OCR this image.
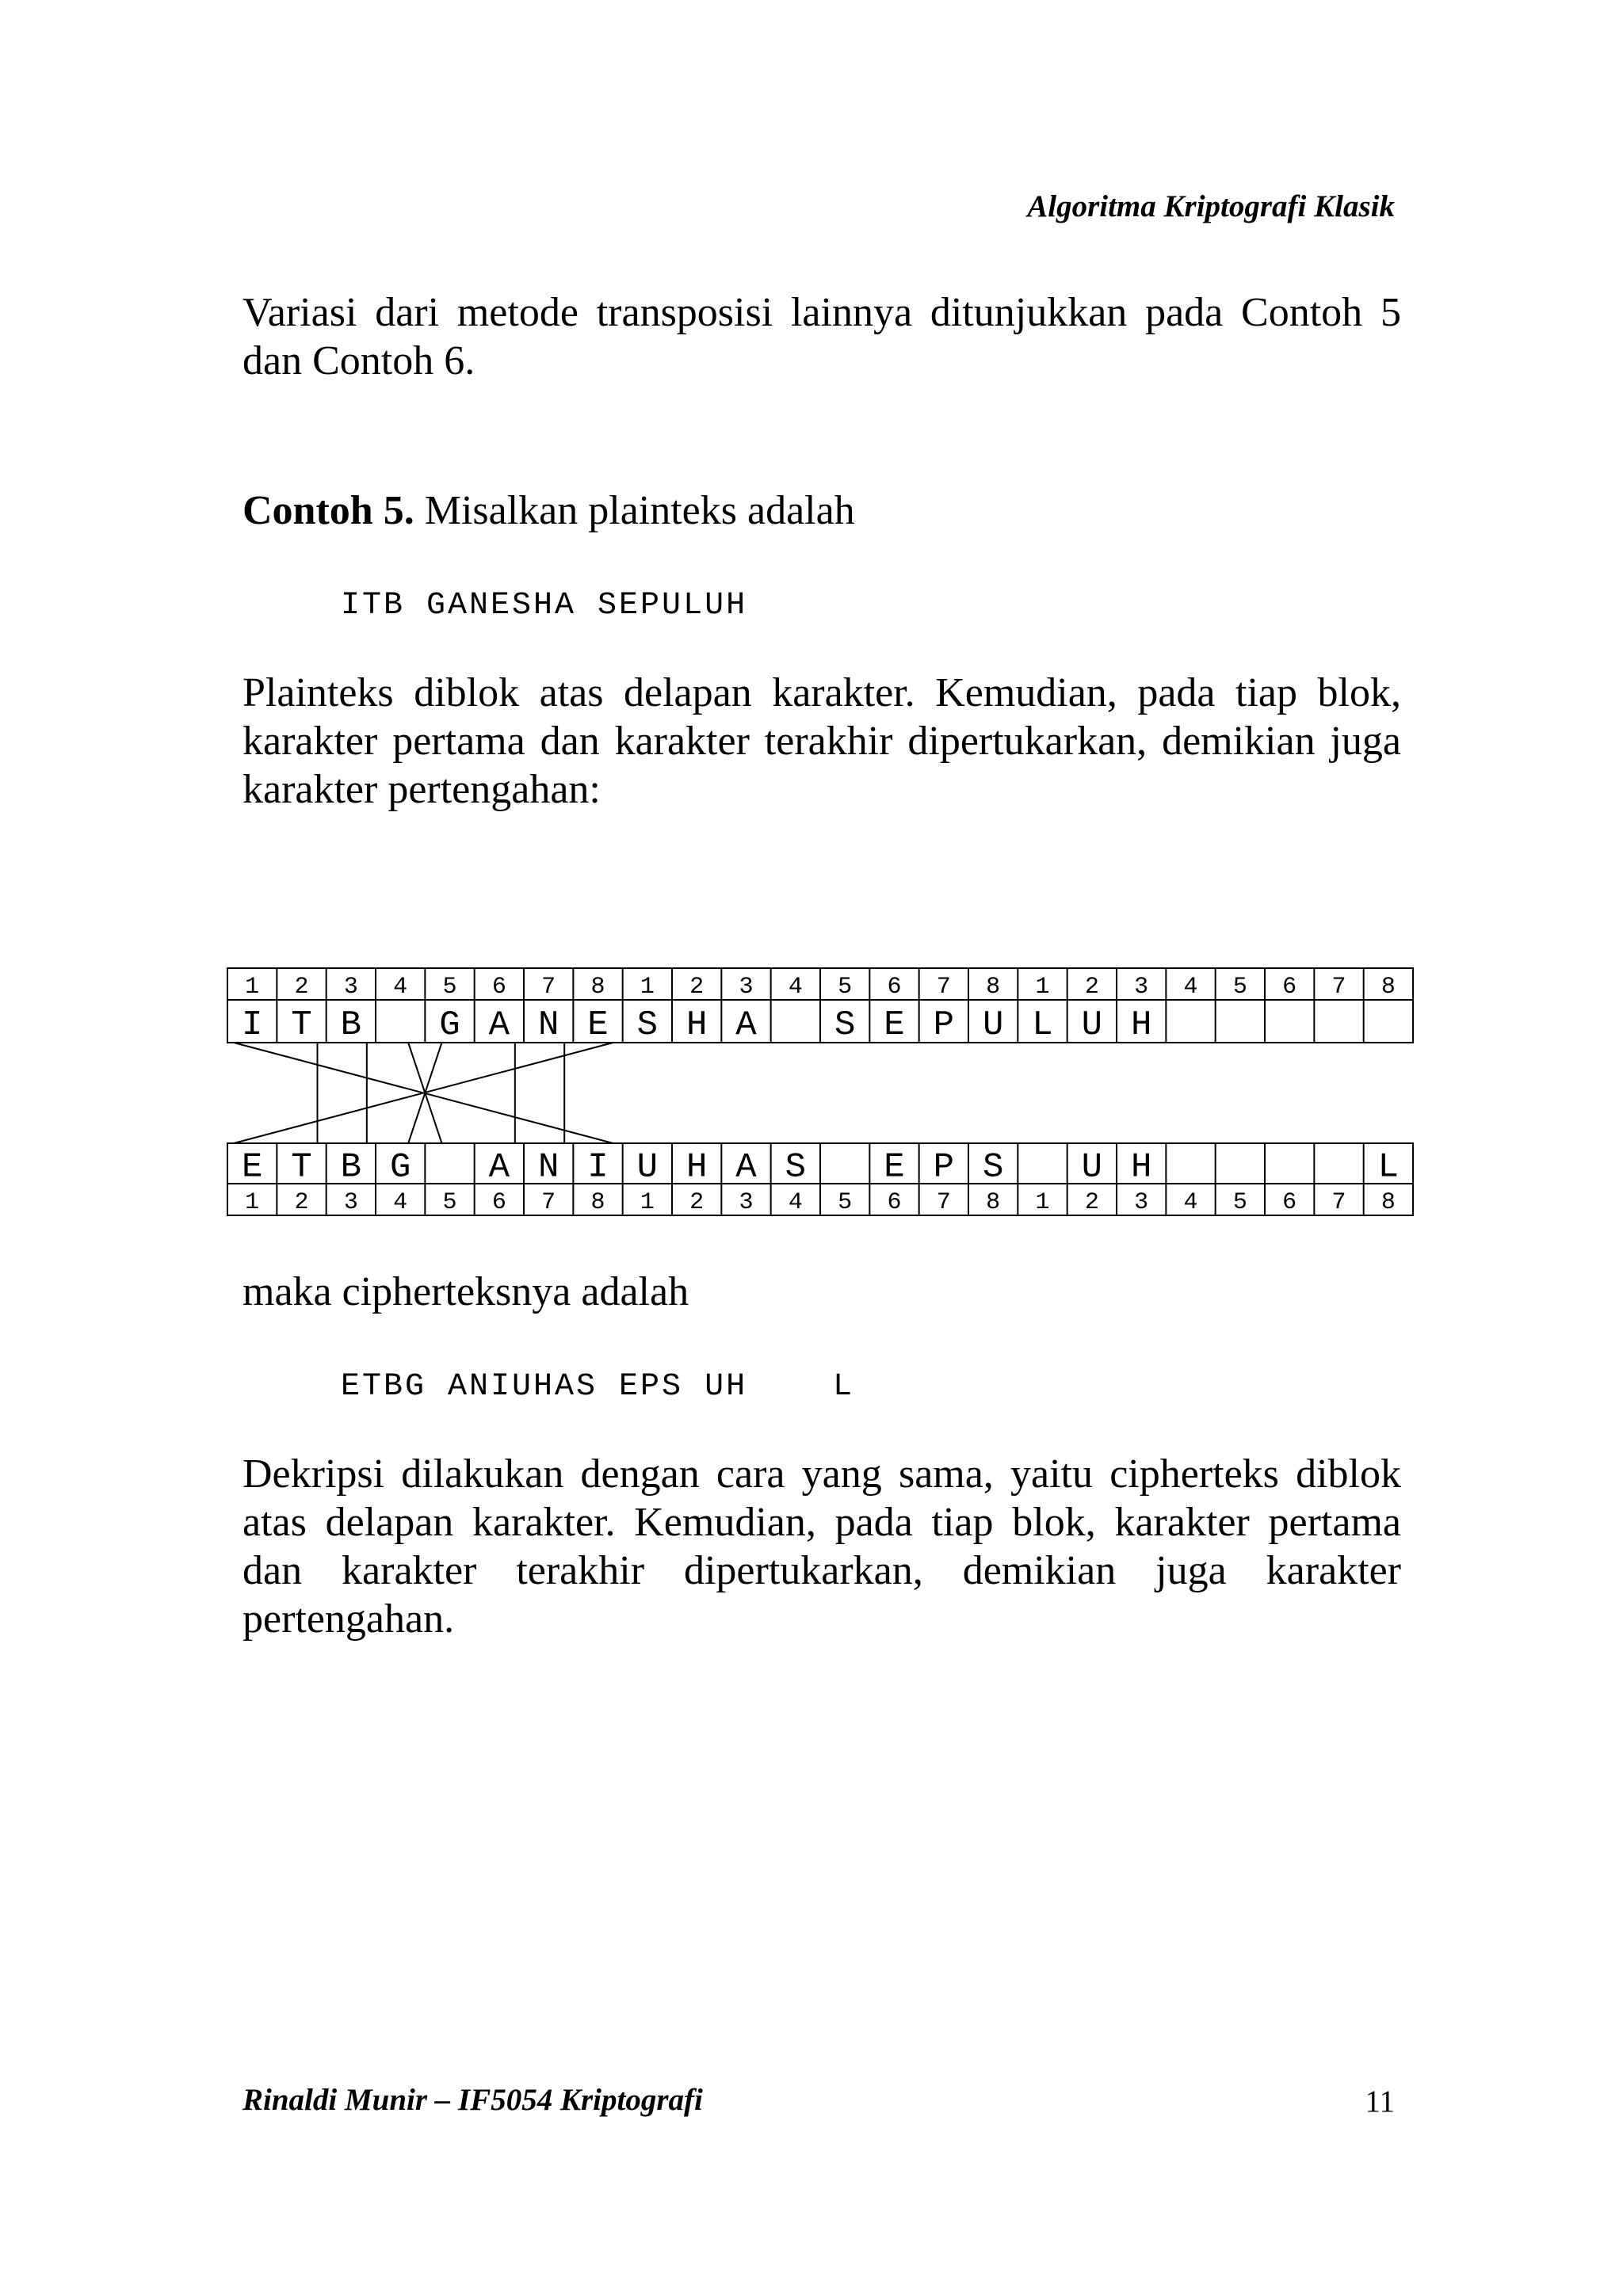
Algoritma Kriptografi Klasik
Variasi dari metode transposisi lainnya ditunjukkan pada Contoh 5 dan Contoh 6.
Contoh 5. Misalkan plainteks adalah
ITB GANESHA SEPULUH
Plainteks diblok atas delapan karakter. Kemudian, pada tiap blok, karakter pertama dan karakter terakhir dipertukarkan, demikian juga karakter pertengahan:
1 2 3 4 5 6 7 8 1 2 3 4 5 6 7 8 1 2 3 4 5 6 7 8
I T B G A N E S H A S E P U L U H
E T B G A N I U H A S E P S U H	L
1 2 3 4 5 6 7 8 1 2 3 4 5 6 7 8 1 2 3 4 5 6 7 8
maka cipherteksnya adalah
ETBG ANIUHAS EPS UH    L
Dekripsi dilakukan dengan cara yang sama, yaitu cipherteks diblok atas delapan karakter. Kemudian, pada tiap blok, karakter pertama dan karakter terakhir dipertukarkan, demikian juga karakter pertengahan.
Rinaldi Munir – IF5054 Kriptografi	11
